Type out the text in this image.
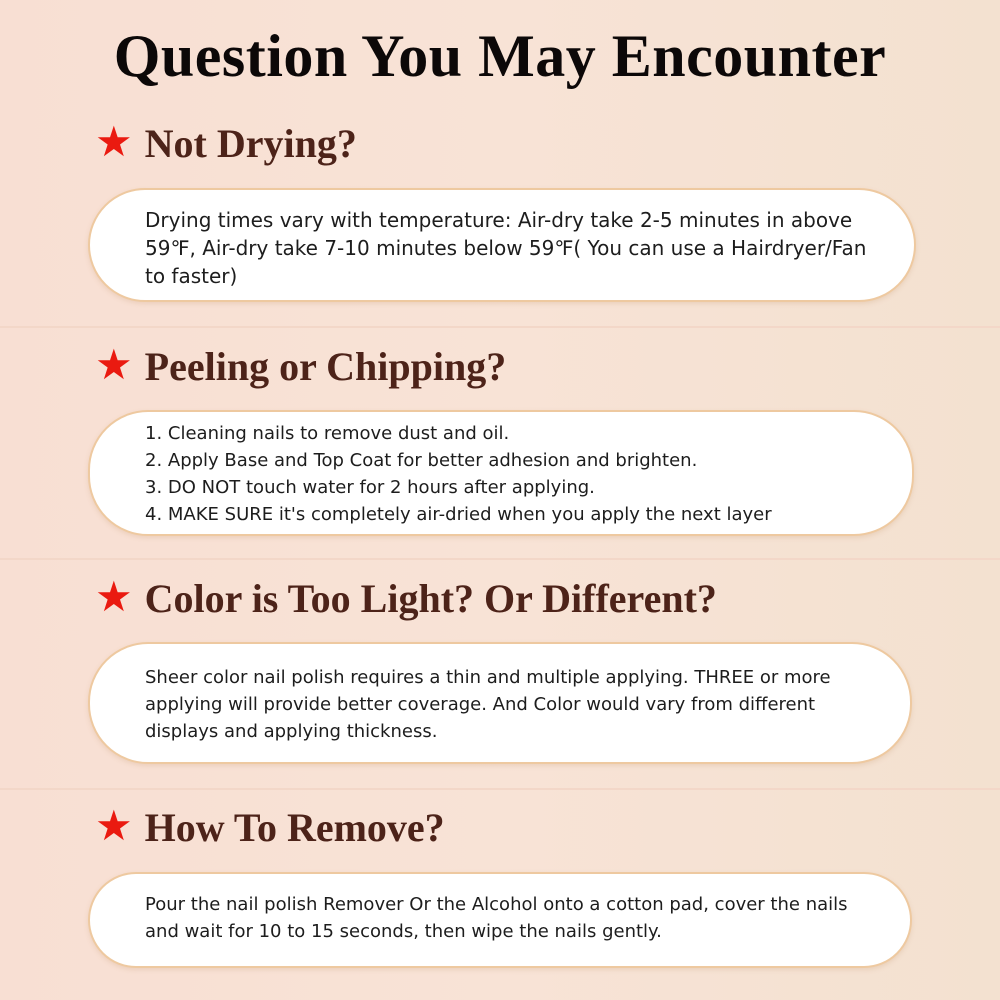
Question You May Encounter
★ Not Drying?

Drying times vary with temperature: Air-dry take 2-5 minutes in above 59℉, Air-dry take 7-10 minutes below 59℉( You can use a Hairdryer/Fan to faster)

★ Peeling or Chipping?
1. Cleaning nails to remove dust and oil.
2. Apply Base and Top Coat for better adhesion and brighten.
3. DO NOT touch water for 2 hours after applying.
4. MAKE SURE it's completely air-dried when you apply the next layer
★ Color is Too Light? Or Different?

Sheer color nail polish requires a thin and multiple applying. THREE or more applying will provide better coverage. And Color would vary from different displays and applying thickness.

★ How To Remove?

Pour the nail polish Remover Or the Alcohol onto a cotton pad, cover the nails and wait for 10 to 15 seconds, then wipe the nails gently.
